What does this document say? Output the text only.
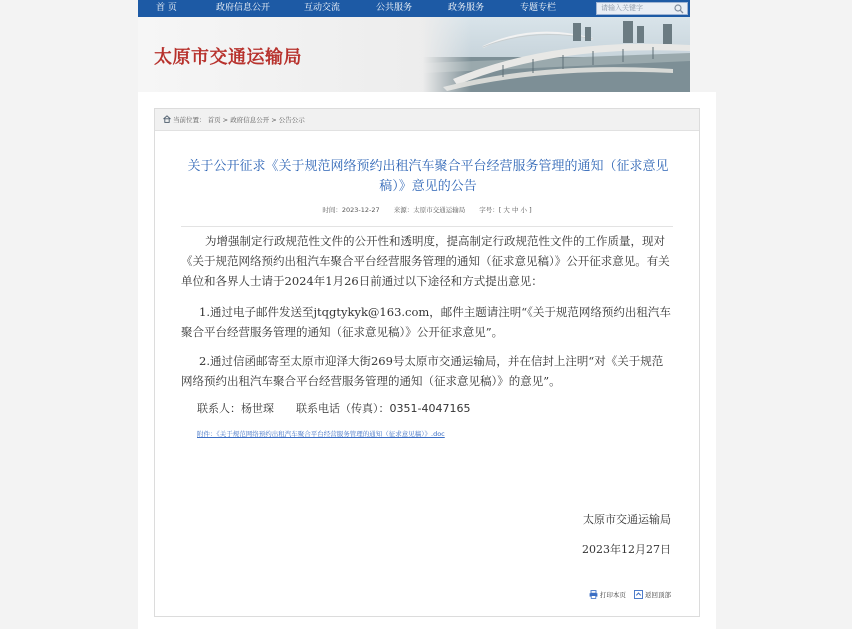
首 页	政府信息公开	互动交流	公共服务	政务服务	专题专栏	请输入关键字
太原市交通运输局
当前位置： 首页 > 政府信息公开 > 公告公示
关于公开征求《关于规范网络预约出租汽车聚合平台经营服务管理的通知（征求意见稿）》意见的公告
时间：2023-12-27 来源：太原市交通运输局 字号：[ 大 中 小 ]

为增强制定行政规范性文件的公开性和透明度，提高制定行政规范性文件的工作质量，现对《关于规范网络预约出租汽车聚合平台经营服务管理的通知（征求意见稿）》公开征求意见。有关单位和各界人士请于2024年1月26日前通过以下途径和方式提出意见：

1.通过电子邮件发送至jtqgtykyk@163.com，邮件主题请注明“《关于规范网络预约出租汽车聚合平台经营服务管理的通知（征求意见稿）》公开征求意见”。

2.通过信函邮寄至太原市迎泽大街269号太原市交通运输局，并在信封上注明“对《关于规范网络预约出租汽车聚合平台经营服务管理的通知（征求意见稿）》的意见”。

联系人：杨世琛 联系电话（传真）：0351-4047165
附件：《关于规范网络预约出租汽车聚合平台经营服务管理的通知（征求意见稿）》.doc
太原市交通运输局
2023年12月27日
打印本页	返回顶部
